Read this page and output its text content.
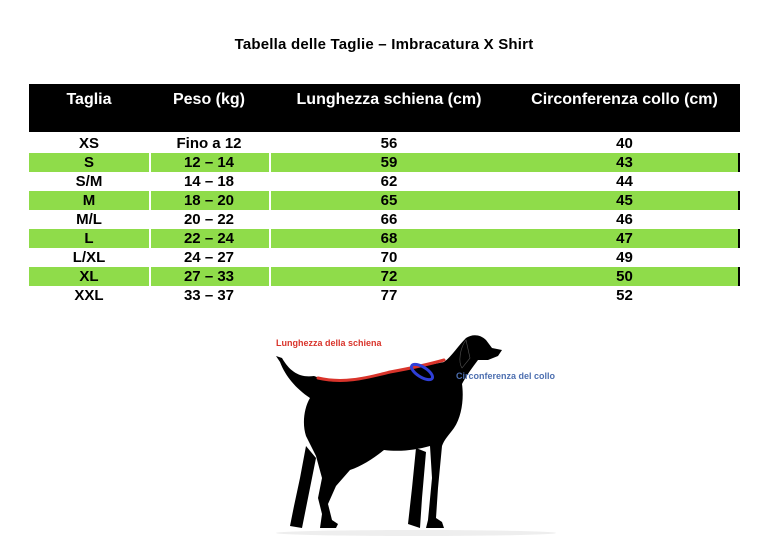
Tabella delle Taglie – Imbracatura X Shirt
Taglia	Peso (kg)	Lunghezza schiena (cm)	Circonferenza collo (cm)
XS	Fino a 12	56	40
S	12 – 14	59	43
S/M	14 – 18	62	44
M	18 – 20	65	45
M/L	20 – 22	66	46
L	22 – 24	68	47
L/XL	24 – 27	70	49
XL	27 – 33	72	50
XXL	33 – 37	77	52
Lunghezza della schiena
Circonferenza del collo
